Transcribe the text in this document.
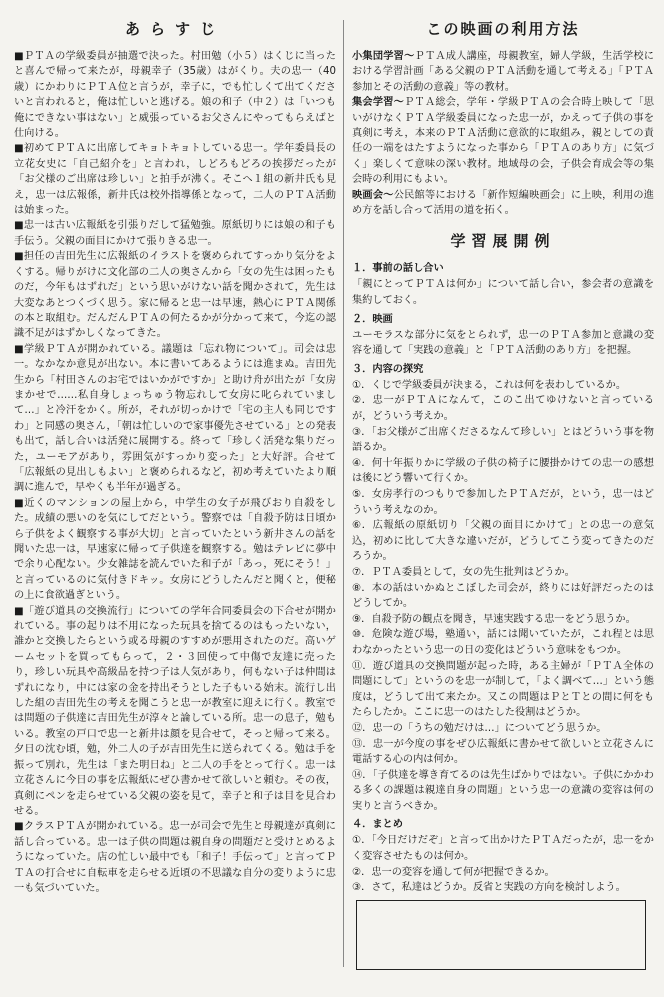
あらすじ

■ＰＴＡの学級委員が抽選で決った。村田勉（小５）はくじに当ったと喜んで帰って来たが，母親幸子（35歳）はがくり。夫の忠一（40歳）にかわりにＰＴＡ位と言うが，幸子に，でも忙しくて出てくださいと言われると，俺は忙しいと逃げる。娘の和子（中２）は「いつも俺にできない事はない」と威張っているお父さんにやってもらえばと仕向ける。

■初めてＰＴＡに出席してキョトキョトしている忠一。学年委員長の立花女史に「自己紹介を」と言われ，しどろもどろの挨拶だったが「お父様のご出席は珍しい」と拍手が沸く。そこへ１組の新井氏も見え，忠一は広報係，新井氏は校外指導係となって，二人のＰＴＡ活動は始まった。

■忠一は古い広報紙を引張りだして猛勉強。原紙切りには娘の和子も手伝う。父親の面目にかけて張りきる忠一。

■担任の吉田先生に広報紙のイラストを褒められてすっかり気分をよくする。帰りがけに文化部の二人の奥さんから「女の先生は困ったものだ，今年もはずれだ」という思いがけない話を聞かされて，先生は大変なあとつくづく思う。家に帰ると忠一は早速，熱心にＰＴＡ関係の本と取組む。だんだんＰＴＡの何たるかが分かって来て，今迄の認識不足がはずかしくなってきた。

■学級ＰＴＡが開かれている。議題は「忘れ物について」。司会は忠一。なかなか意見が出ない。本に書いてあるようには進まぬ。吉田先生から「村田さんのお宅ではいかがですか」と助け舟が出たが「女房まかせで……私自身しょっちゅう物忘れして女房に叱られていまして…」と冷汗をかく。所が，それが切っかけで「宅の主人も同じですわ」と同感の奥さん，「朝は忙しいので家事優先させている」との発表も出て，話し合いは活発に展開する。終って「珍しく活発な集りだった，ユーモアがあり，雰囲気がすっかり変った」と大好評。合せて「広報紙の見出しもよい」と褒められるなど，初め考えていたより順調に進んで，早やくも半年が過ぎる。

■近くのマンションの屋上から，中学生の女子が飛びおり自殺をした。成績の悪いのを気にしてだという。警察では「自殺予防は日頃から子供をよく観察する事が大切」と言っていたという新井さんの話を聞いた忠一は，早速家に帰って子供達を観察する。勉はテレビに夢中で余り心配ない。少女雑誌を読んでいた和子が「あっ，死にそう！」と言っているのに気付きドキッ。女房にどうしたんだと聞くと，便秘の上に食欲過ぎという。

■「遊び道具の交換流行」についての学年合同委員会の下合せが開かれている。事の起りは不用になった玩具を捨てるのはもったいない，誰かと交換したらという或る母親のすすめが悪用されたのだ。高いゲームセットを買ってもらって，２・３回使って中傷で友達に売ったり，珍しい玩具や高級品を持つ子は人気があり，何もない子は仲間はずれになり，中には家の金を持出そうとした子もいる始末。流行し出した組の吉田先生の考えを聞こうと忠一が教室に迎えに行く。教室では問題の子供達に吉田先生が淳々と論している所。忠一の息子，勉もいる。教室の戸口で忠一と新井は顔を見合せて，そっと帰って来る。夕日の沈む頃，勉，外二人の子が吉田先生に送られてくる。勉は手を振って別れ，先生は「また明日ね」と二人の手をとって行く。忠一は立花さんに今日の事を広報紙にぜひ書かせて欲しいと頼む。その夜，真剣にペンを走らせている父親の姿を見て，幸子と和子は目を見合わせる。

■クラスＰＴＡが開かれている。忠一が司会で先生と母親達が真剣に話し合っている。忠一は子供の問題は親自身の問題だと受けとめるようになっていた。店の忙しい最中でも「和子！手伝って」と言ってＰＴＡの打合せに自転車を走らせる近頃の不思議な自分の変りように忠一も気づいていた。

この映画の利用方法

小集団学習〜ＰＴＡ成人講座，母親教室，婦人学級，生活学校における学習計画「ある父親のＰＴＡ活動を通して考える」「ＰＴＡ参加とその活動の意義」等の教材。

集会学習〜ＰＴＡ総会，学年・学級ＰＴＡの会合時上映して「思いがけなくＰＴＡ学級委員になった忠一が，かえって子供の事を真剣に考え，本来のＰＴＡ活動に意欲的に取組み，親としての責任の一端をはたすようになった事から「ＰＴＡのあり方」に気づく」楽しくて意味の深い教材。地域母の会，子供会育成会等の集会時の利用にもよい。

映画会〜公民館等における「新作短編映画会」に上映，利用の進め方を話し合って活用の道を拓く。

学習展開例
１．事前の話し合い

「親にとってＰＴＡは何か」について話し合い，参会者の意識を集約しておく。

２．映画

ユーモラスな部分に気をとられず，忠一のＰＴＡ参加と意識の変容を通して「実践の意義」と「ＰＴＡ活動のあり方」を把握。

３．内容の探究

①．くじで学級委員が決まる，これは何を表わしているか。

②．忠一がＰＴＡになんて，このこ出てゆけないと言っているが，どういう考えか。

③．「お父様がご出席くださるなんて珍しい」とはどういう事を物語るか。

④．何十年振りかに学級の子供の椅子に腰掛かけての忠一の感想は後にどう響いて行くか。

⑤．女房孝行のつもりで参加したＰＴＡだが，という，忠一はどういう考えなのか。

⑥．広報紙の原紙切り「父親の面目にかけて」との忠一の意気込，初めに比して大きな違いだが，どうしてこう変ってきたのだろうか。

⑦．ＰＴＡ委員として，女の先生批判はどうか。

⑧．本の話はいかぬとこぼした司会が，終りには好評だったのはどうしてか。

⑨．自殺予防の観点を聞き，早速実践する忠一をどう思うか。

⑩．危険な遊び場，塾通い，話には聞いていたが，これ程とは思わなかったという忠一の日の変化はどういう意味をもつか。

⑪．遊び道具の交換問題が起った時，ある主婦が「ＰＴＡ全体の問題にして」というのを忠一が制して，「よく調べて…」という態度は，どうして出て来たか。又この問題はＰとＴとの間に何をもたらしたか。ここに忠一のはたした役割はどうか。

⑫．忠一の「うちの勉だけは…」についてどう思うか。

⑬．忠一が今度の事をぜひ広報紙に書かせて欲しいと立花さんに電話する心の内は何か。

⑭．「子供達を導き育てるのは先生ばかりではない。子供にかかわる多くの課題は親達自身の問題」という忠一の意識の変容は何の実りと言うべきか。

４．まとめ

①．「今日だけだぞ」と言って出かけたＰＴＡだったが，忠一をかく変容させたものは何か。

②．忠一の変容を通して何が把握できるか。

③．さて，私達はどうか。反省と実践の方向を検討しよう。
